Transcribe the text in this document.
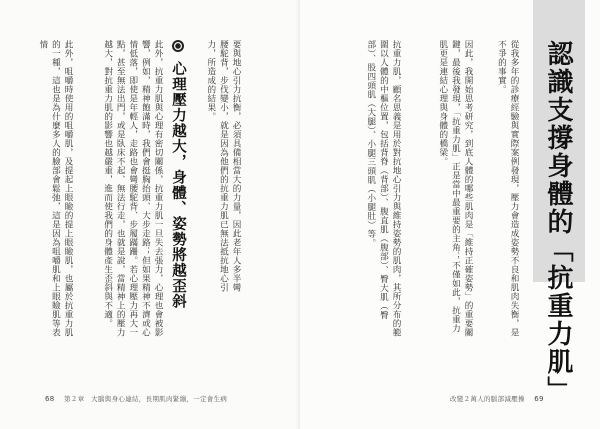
要與地心引力抗衡，必須具備相當大的力量，因此老年人多半彎腰駝背，步伐變小，就是因為他們的抗重力肌已無法抵抗地心引力，所造成的結果。
心理壓力越大，身體、姿勢將越歪斜
此外，抗重力肌與心理有密切關係，抗重力肌一旦失去張力，心理也會被影響，例如，精神飽滿時，我們會挺胸抬頭、大步走路；但如果精神不濟或心情低落，即使是年輕人，走路也會彎腰駝背、步履蹣跚。若心理壓力再大一點，甚至無法出門，或是臥床不起、無法行走，也就是說，當精神上的壓力越大，對抗重力肌的影響也越嚴重，進而使我們的身體產生歪斜與不適。
此外，咀嚼時使用的咀嚼肌，及提起上眼瞼的提上眼瞼肌，也屬於抗重力肌的一種，這也是為什麼多人的臉部會鬆弛，這是因為咀嚼肌和上眼瞼肌等表情
68 第２章　大腦與身心連結，長期肌肉緊繃，一定會生病
從我多年的診療經驗與實際案例發現，壓力會造成姿勢不良和肌肉失衡，是不爭的事實。
因此，我開始思考研究，到底人體的哪些肌肉是「維持正確姿勢」的重要關鍵，最後我發現，「抗重力肌」正是當中最重要的主角；不僅如此，抗重力肌更是連結心理與身體的橋梁。
抗重力肌，顧名思義是用於對抗地心引力與維持姿勢的肌肉，其所分布的範圍以人體的中樞位置，包括背脊（背部）、腹直肌（腹部）、臀大肌（臀部）、股四頭肌（大腿）、小腿三頭肌（小腿肚）等。
改變２萬人的腦部減壓操 69 認識支撐身體的「抗重力肌」
